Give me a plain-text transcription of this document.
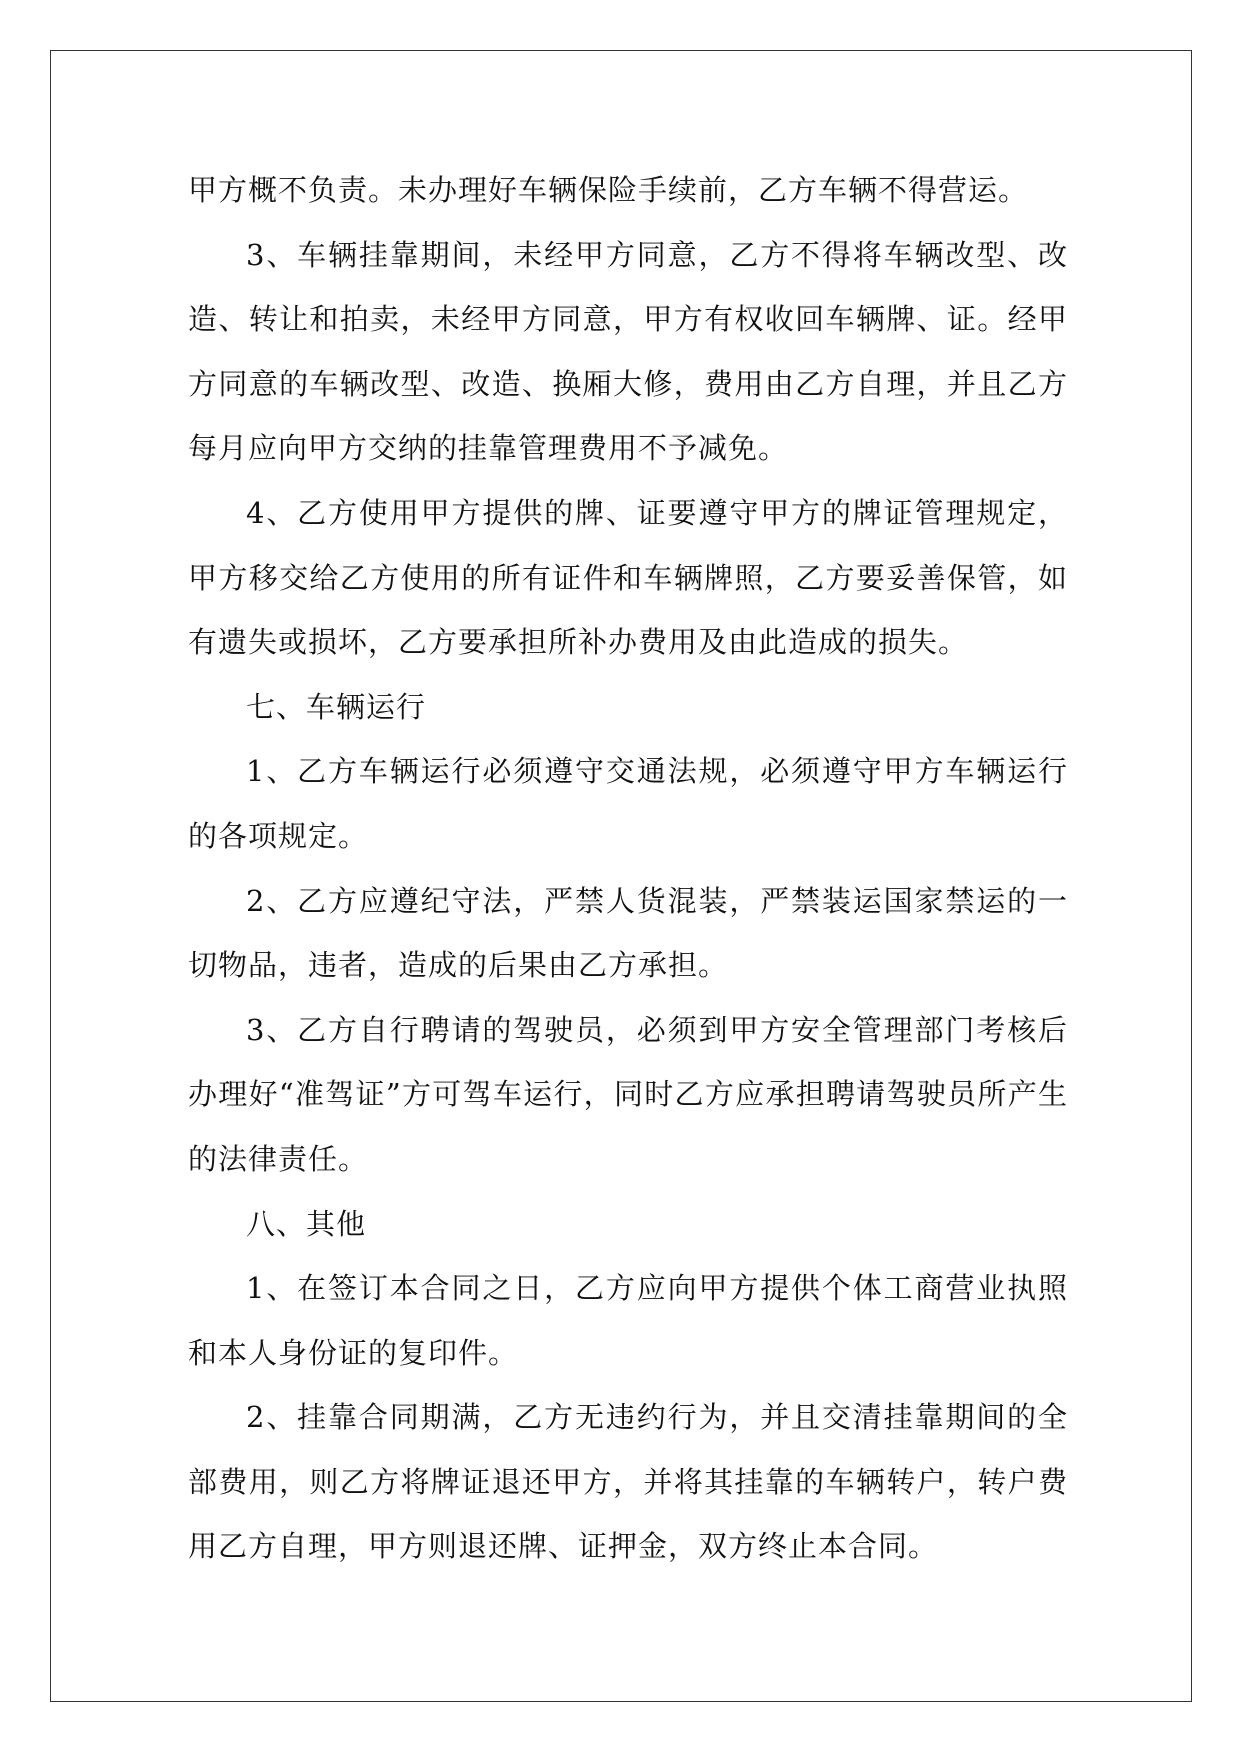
甲方概不负责。未办理好车辆保险手续前，乙方车辆不得营运。

3、车辆挂靠期间，未经甲方同意，乙方不得将车辆改型、改造、转让和拍卖，未经甲方同意，甲方有权收回车辆牌、证。经甲方同意的车辆改型、改造、换厢大修，费用由乙方自理，并且乙方每月应向甲方交纳的挂靠管理费用不予减免。

4、乙方使用甲方提供的牌、证要遵守甲方的牌证管理规定，甲方移交给乙方使用的所有证件和车辆牌照，乙方要妥善保管，如有遗失或损坏，乙方要承担所补办费用及由此造成的损失。

七、车辆运行

1、乙方车辆运行必须遵守交通法规，必须遵守甲方车辆运行的各项规定。

2、乙方应遵纪守法，严禁人货混装，严禁装运国家禁运的一切物品，违者，造成的后果由乙方承担。

3、乙方自行聘请的驾驶员，必须到甲方安全管理部门考核后办理好“准驾证”方可驾车运行，同时乙方应承担聘请驾驶员所产生的法律责任。

八、其他

1、在签订本合同之日，乙方应向甲方提供个体工商营业执照和本人身份证的复印件。

2、挂靠合同期满，乙方无违约行为，并且交清挂靠期间的全部费用，则乙方将牌证退还甲方，并将其挂靠的车辆转户，转户费用乙方自理，甲方则退还牌、证押金，双方终止本合同。
